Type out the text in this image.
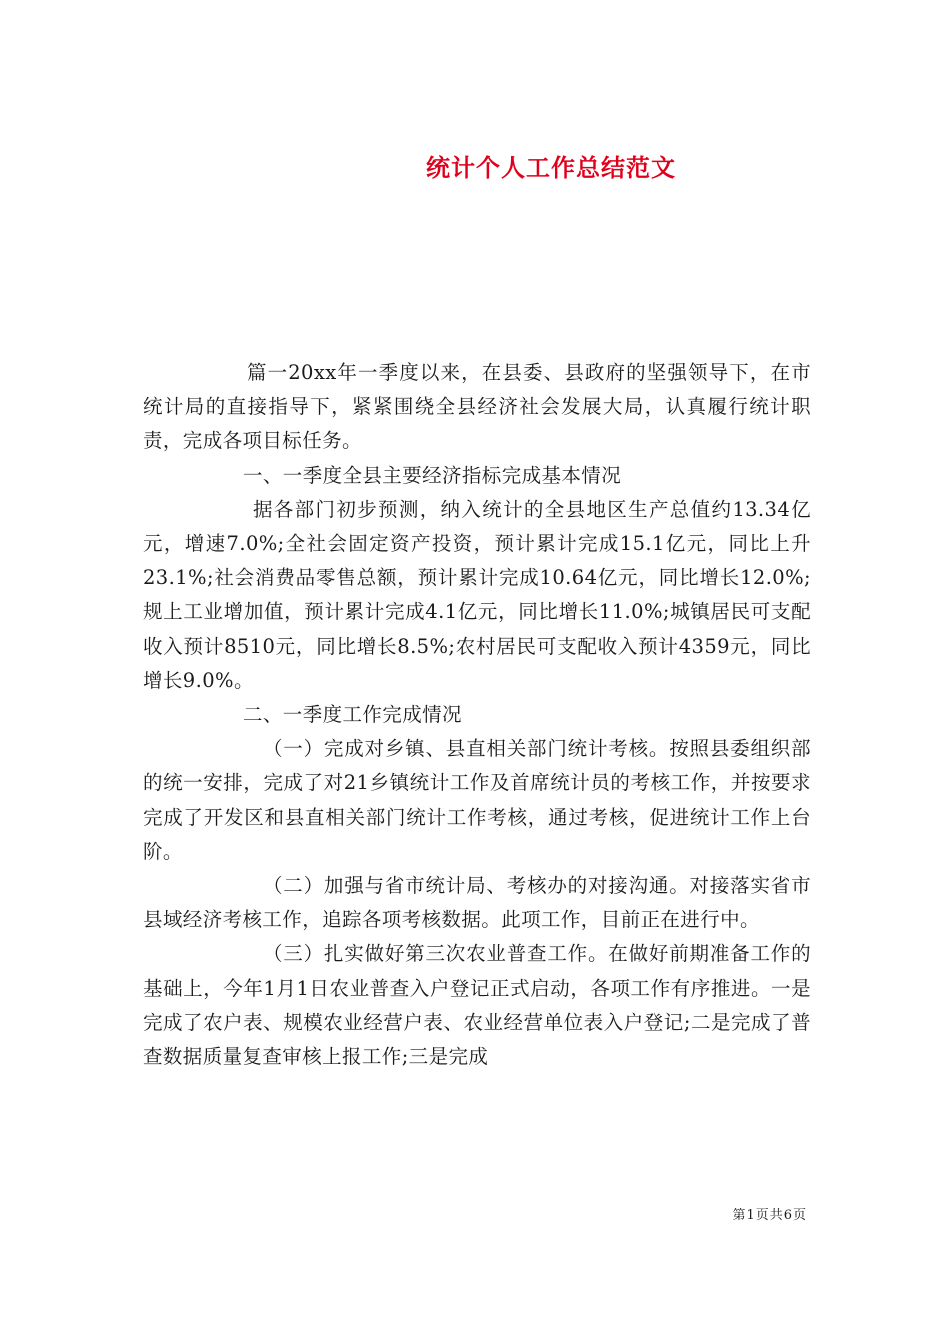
统计个人工作总结范文

篇一20xx年一季度以来，在县委、县政府的坚强领导下，在市统计局的直接指导下，紧紧围绕全县经济社会发展大局，认真履行统计职责，完成各项目标任务。

一、一季度全县主要经济指标完成基本情况

据各部门初步预测，纳入统计的全县地区生产总值约13.34亿元，增速7.0%;全社会固定资产投资，预计累计完成15.1亿元，同比上升23.1%;社会消费品零售总额，预计累计完成10.64亿元，同比增长12.0%;规上工业增加值，预计累计完成4.1亿元，同比增长11.0%;城镇居民可支配收入预计8510元，同比增长8.5%;农村居民可支配收入预计4359元，同比增长9.0%。

二、一季度工作完成情况

（一）完成对乡镇、县直相关部门统计考核。按照县委组织部的统一安排，完成了对21乡镇统计工作及首席统计员的考核工作，并按要求完成了开发区和县直相关部门统计工作考核，通过考核，促进统计工作上台阶。

（二）加强与省市统计局、考核办的对接沟通。对接落实省市县域经济考核工作，追踪各项考核数据。此项工作，目前正在进行中。

（三）扎实做好第三次农业普查工作。在做好前期准备工作的基础上，今年1月1日农业普查入户登记正式启动，各项工作有序推进。一是完成了农户表、规模农业经营户表、农业经营单位表入户登记;二是完成了普查数据质量复查审核上报工作;三是完成

第1页共6页
